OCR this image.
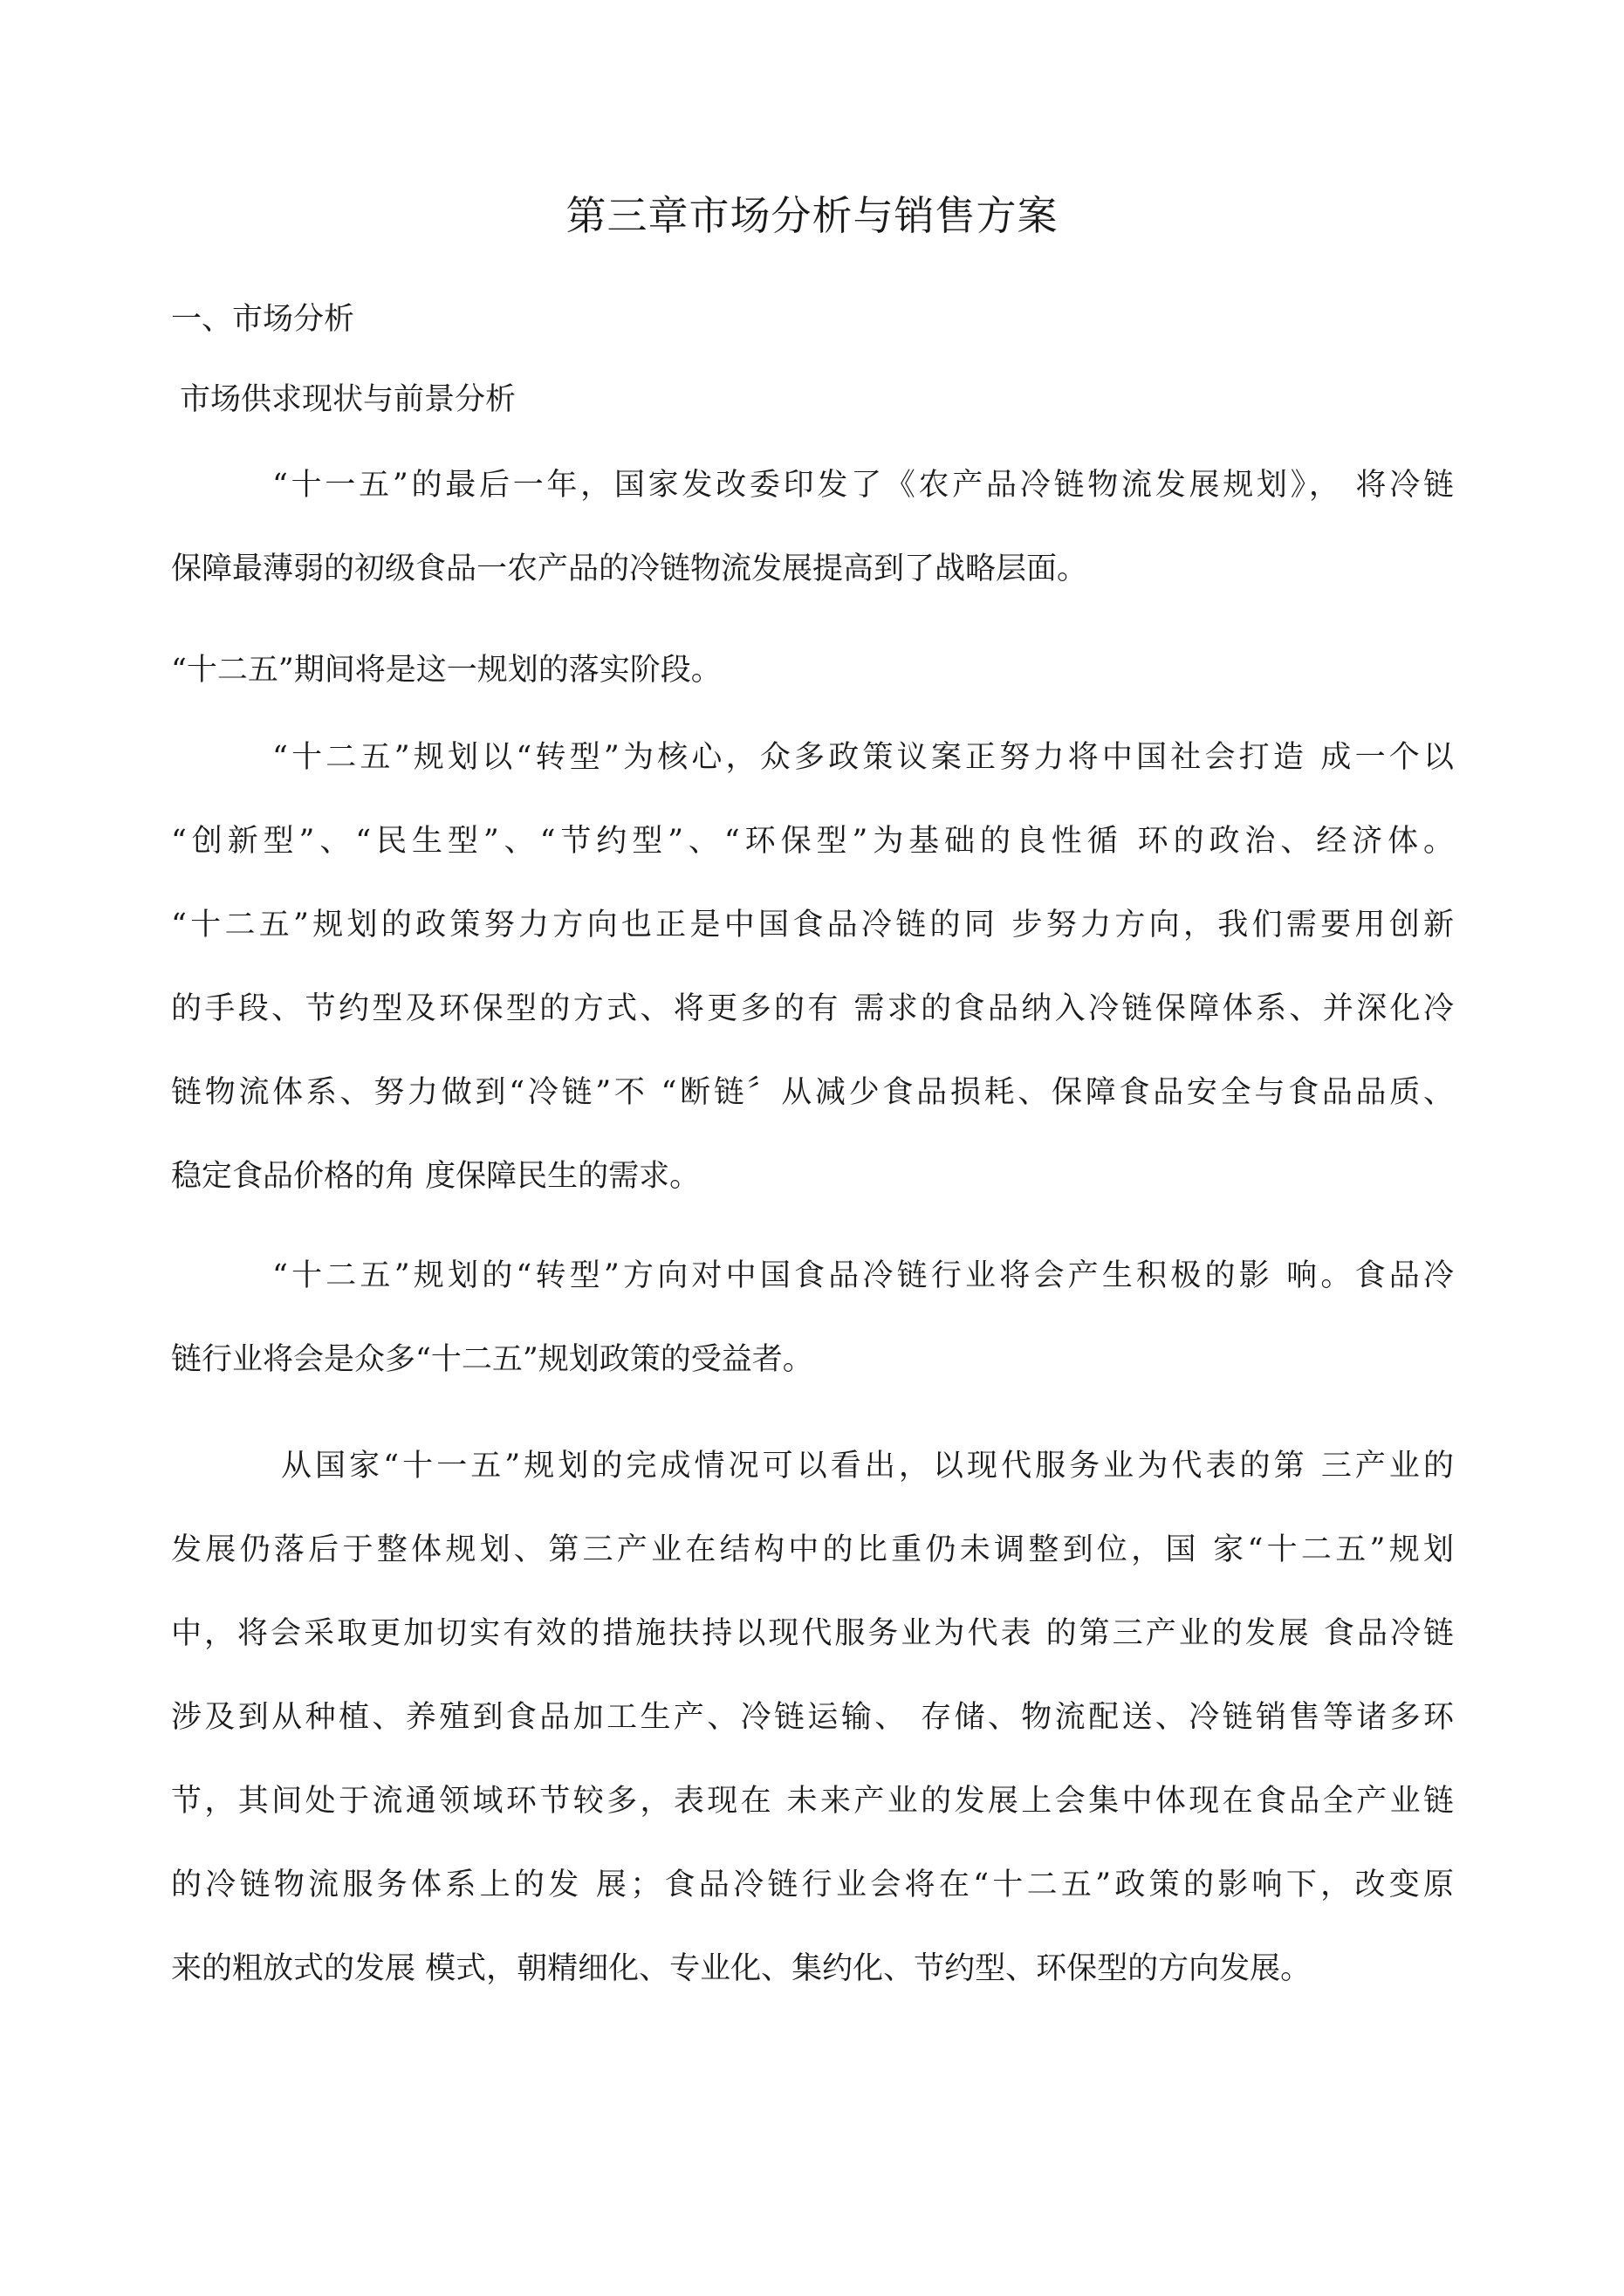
第三章市场分析与销售方案
一、市场分析
市场供求现状与前景分析
“十一五”的最后一年，国家发改委印发了《农产品冷链物流发展规划》， 将冷链
保障最薄弱的初级食品一农产品的冷链物流发展提高到了战略层面。
“十二五”期间将是这一规划的落实阶段。
“十二五”规划以“转型”为核心，众多政策议案正努力将中国社会打造 成一个以
“创新型”、“民生型”、“节约型”、“环保型”为基础的良性循 环的政治、经济体。
“十二五”规划的政策努力方向也正是中国食品冷链的同 步努力方向，我们需要用创新
的手段、节约型及环保型的方式、将更多的有 需求的食品纳入冷链保障体系、并深化冷
链物流体系、努力做到“冷链”不 “断链〞从减少食品损耗、保障食品安全与食品品质、
稳定食品价格的角 度保障民生的需求。
“十二五”规划的“转型”方向对中国食品冷链行业将会产生积极的影 响。食品冷
链行业将会是众多“十二五”规划政策的受益者。
从国家“十一五”规划的完成情况可以看出，以现代服务业为代表的第 三产业的
发展仍落后于整体规划、第三产业在结构中的比重仍未调整到位，国 家“十二五”规划
中，将会采取更加切实有效的措施扶持以现代服务业为代表 的第三产业的发展 食品冷链
涉及到从种植、养殖到食品加工生产、冷链运输、 存储、物流配送、冷链销售等诸多环
节，其间处于流通领域环节较多，表现在 未来产业的发展上会集中体现在食品全产业链
的冷链物流服务体系上的发 展；食品冷链行业会将在“十二五”政策的影响下，改变原
来的粗放式的发展 模式，朝精细化、专业化、集约化、节约型、环保型的方向发展。
